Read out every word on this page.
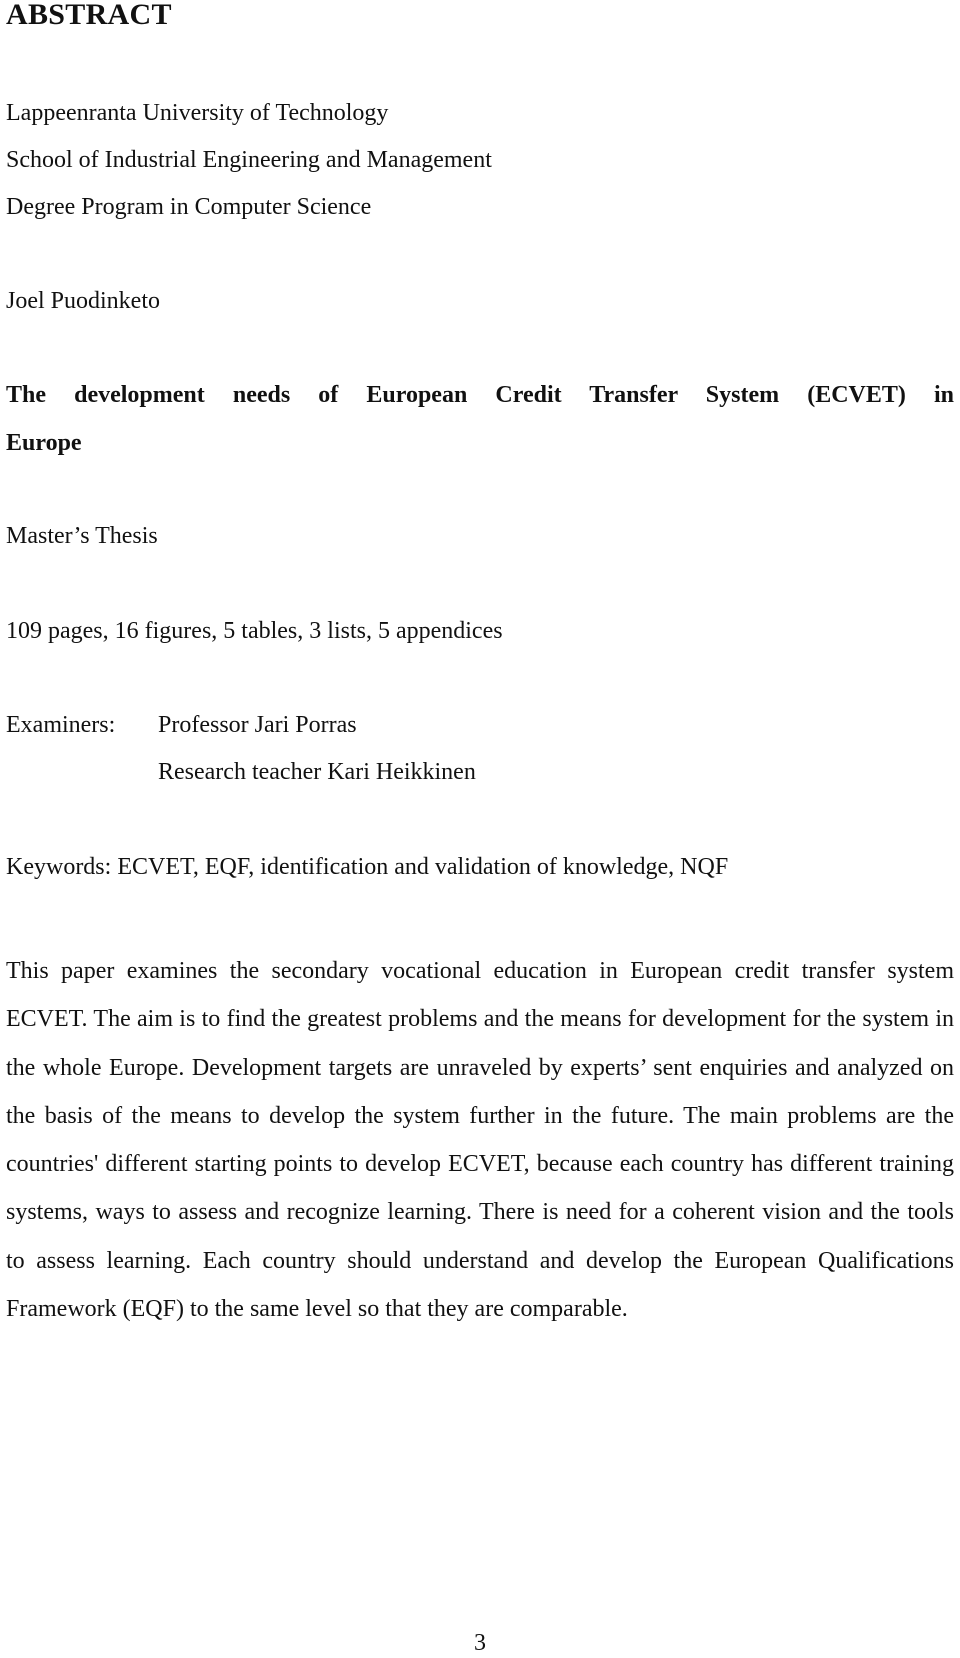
ABSTRACT
Lappeenranta University of Technology
School of Industrial Engineering and Management
Degree Program in Computer Science
Joel Puodinketo
The development needs of European Credit Transfer System (ECVET) in
Europe
Master’s Thesis
109 pages, 16 figures, 5 tables, 3 lists, 5 appendices
Examiners: Professor Jari Porras
Research teacher Kari Heikkinen
Keywords: ECVET, EQF, identification and validation of knowledge, NQF

This paper examines the secondary vocational education in European credit transfer system ECVET. The aim is to find the greatest problems and the means for development for the system in the whole Europe. Development targets are unraveled by experts’ sent enquiries and analyzed on the basis of the means to develop the system further in the future. The main problems are the countries' different starting points to develop ECVET, because each country has different training systems, ways to assess and recognize learning. There is need for a coherent vision and the tools to assess learning. Each country should understand and develop the European Qualifications Framework (EQF) to the same level so that they are comparable.

3
